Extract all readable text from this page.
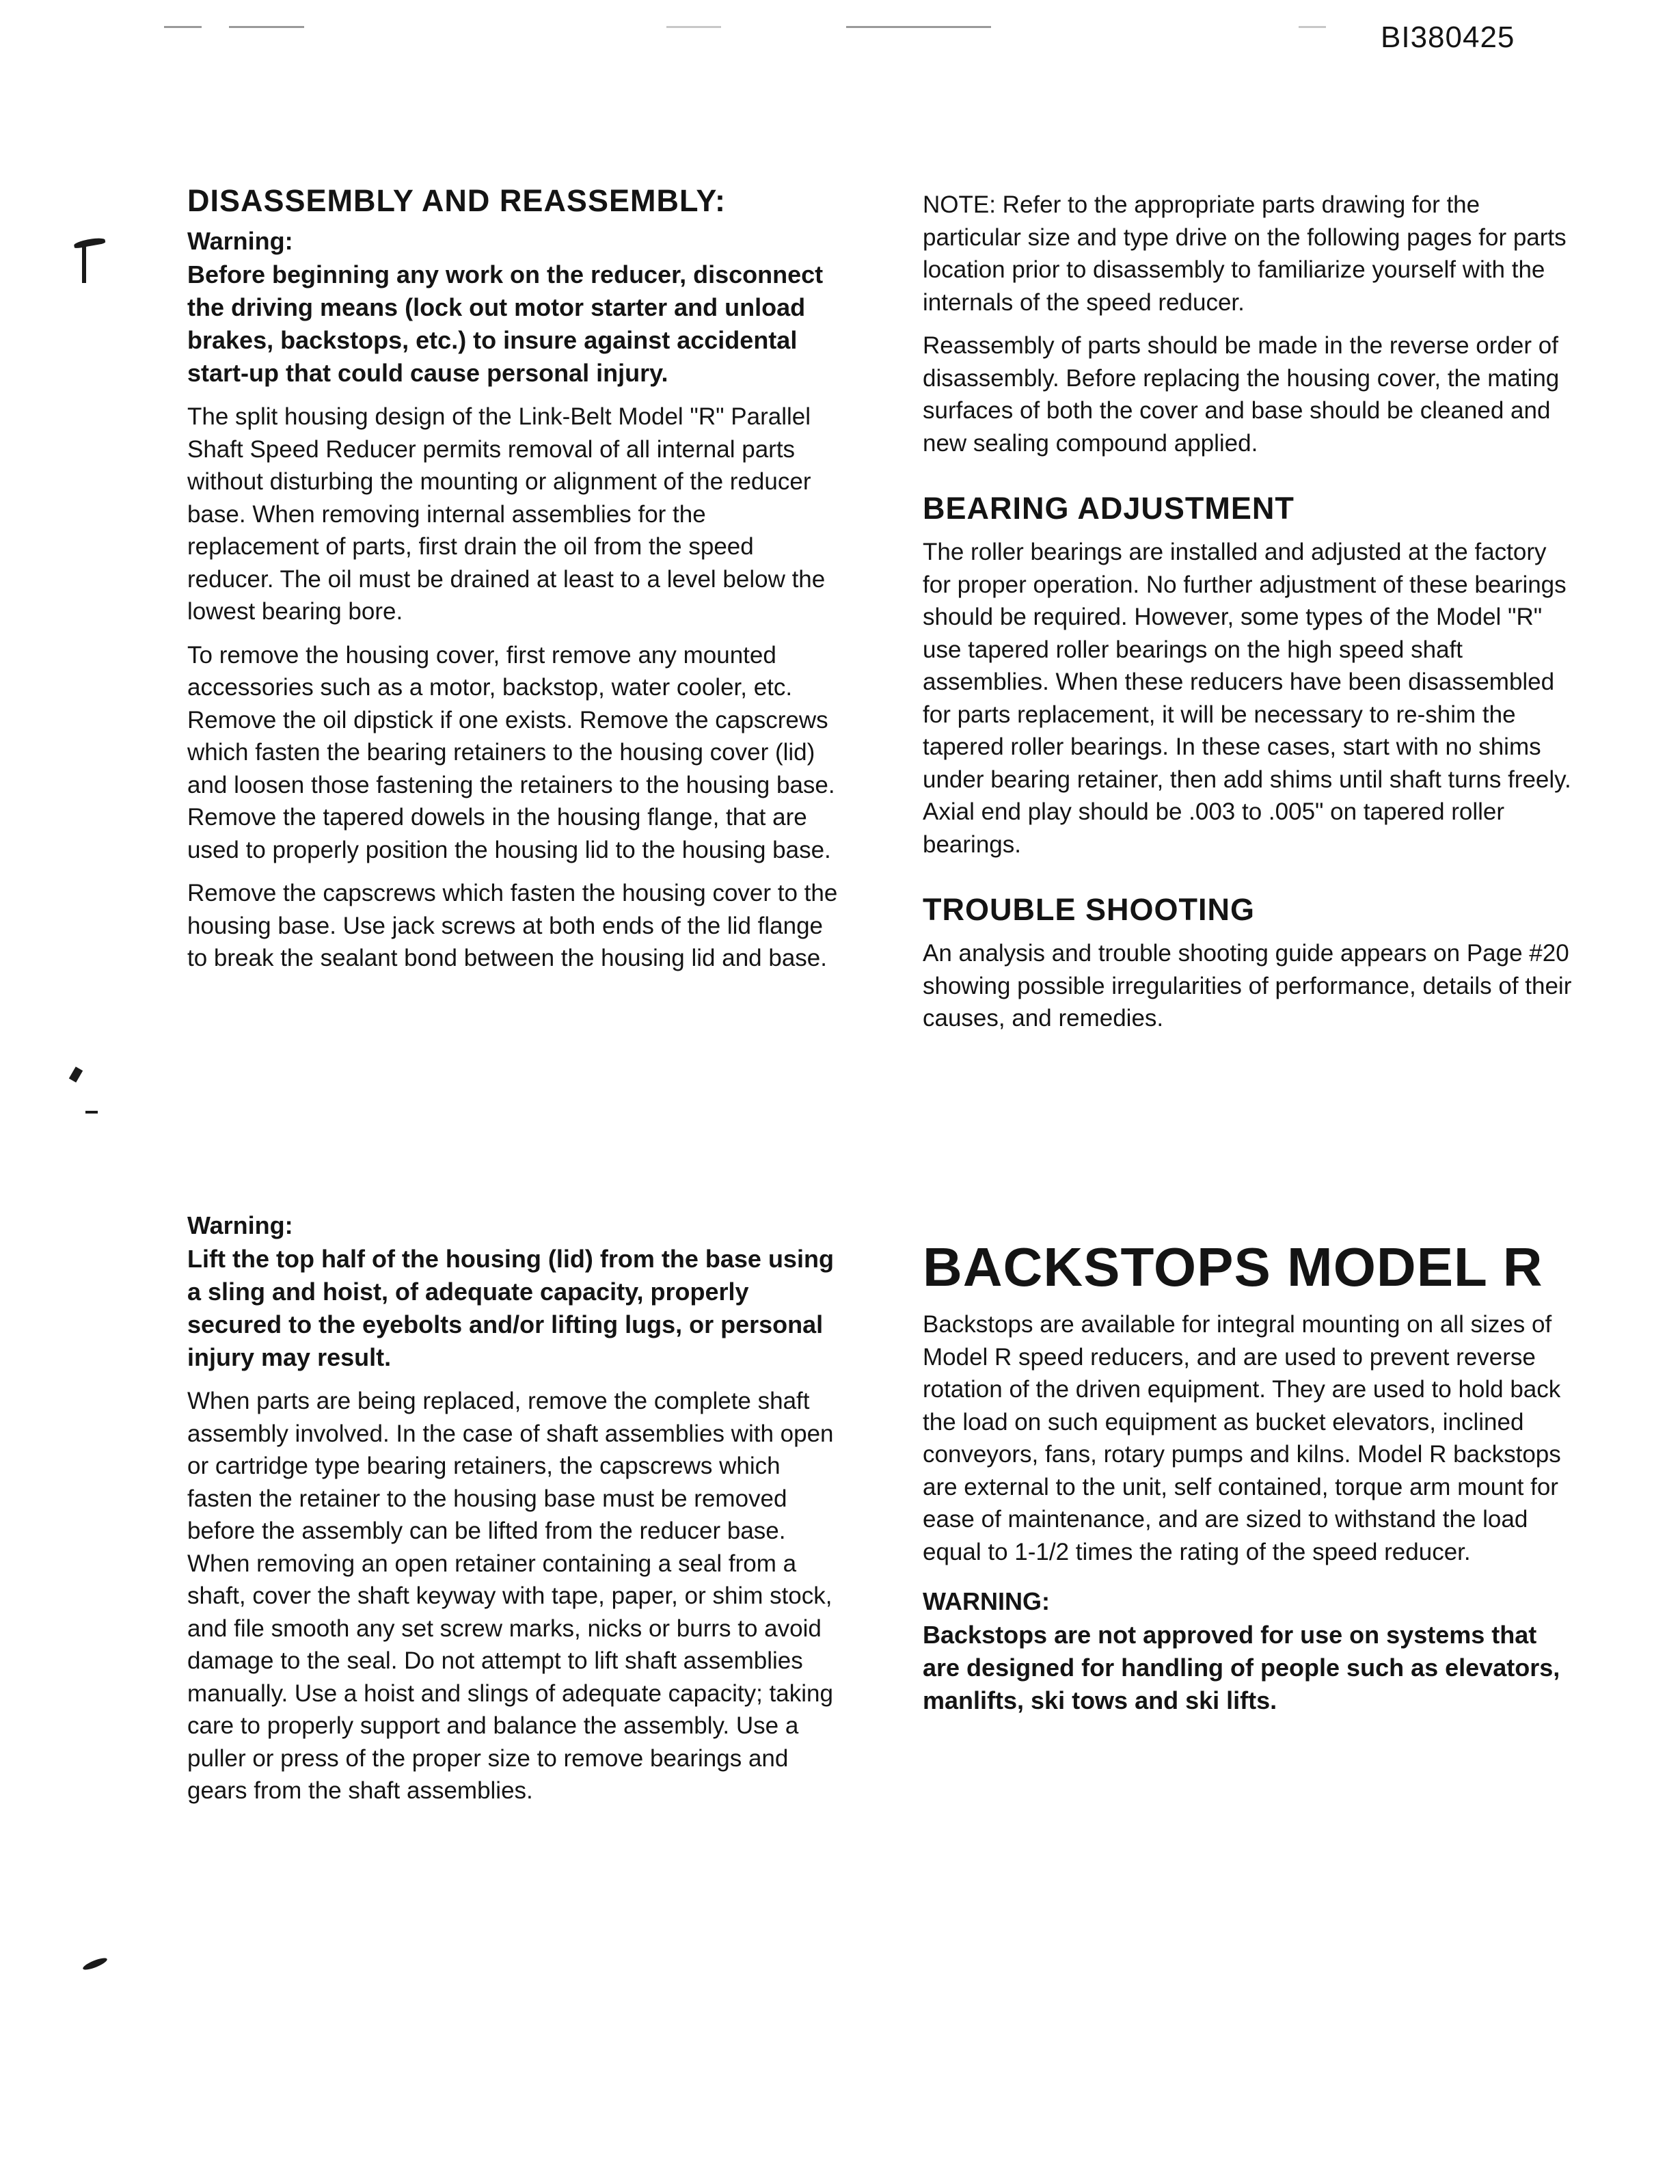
BI380425
DISASSEMBLY AND REASSEMBLY:

Warning:

Before beginning any work on the reducer, disconnect the driving means (lock out motor starter and unload brakes, backstops, etc.) to insure against accidental start-up that could cause personal injury.

The split housing design of the Link-Belt Model "R" Parallel Shaft Speed Reducer permits removal of all internal parts without disturbing the mounting or alignment of the reducer base. When removing internal assemblies for the replacement of parts, first drain the oil from the speed reducer. The oil must be drained at least to a level below the lowest bearing bore.

To remove the housing cover, first remove any mounted accessories such as a motor, backstop, water cooler, etc. Remove the oil dipstick if one exists. Remove the capscrews which fasten the bearing retainers to the housing cover (lid) and loosen those fastening the retainers to the housing base. Remove the tapered dowels in the housing flange, that are used to properly position the housing lid to the housing base.

Remove the capscrews which fasten the housing cover to the housing base. Use jack screws at both ends of the lid flange to break the sealant bond between the housing lid and base.

Warning:

Lift the top half of the housing (lid) from the base using a sling and hoist, of adequate capacity, properly secured to the eyebolts and/or lifting lugs, or personal injury may result.

When parts are being replaced, remove the complete shaft assembly involved. In the case of shaft assemblies with open or cartridge type bearing retainers, the capscrews which fasten the retainer to the housing base must be removed before the assembly can be lifted from the reducer base. When removing an open retainer containing a seal from a shaft, cover the shaft keyway with tape, paper, or shim stock, and file smooth any set screw marks, nicks or burrs to avoid damage to the seal. Do not attempt to lift shaft assemblies manually. Use a hoist and slings of adequate capacity; taking care to properly support and balance the assembly. Use a puller or press of the proper size to remove bearings and gears from the shaft assemblies.

NOTE: Refer to the appropriate parts drawing for the particular size and type drive on the following pages for parts location prior to disassembly to familiarize yourself with the internals of the speed reducer.

Reassembly of parts should be made in the reverse order of disassembly. Before replacing the housing cover, the mating surfaces of both the cover and base should be cleaned and new sealing compound applied.

BEARING ADJUSTMENT

The roller bearings are installed and adjusted at the factory for proper operation. No further adjustment of these bearings should be required. However, some types of the Model "R" use tapered roller bearings on the high speed shaft assemblies. When these reducers have been disassembled for parts replacement, it will be necessary to re-shim the tapered roller bearings. In these cases, start with no shims under bearing retainer, then add shims until shaft turns freely. Axial end play should be .003 to .005" on tapered roller bearings.

TROUBLE SHOOTING

An analysis and trouble shooting guide appears on Page #20 showing possible irregularities of performance, details of their causes, and remedies.

BACKSTOPS MODEL R

Backstops are available for integral mounting on all sizes of Model R speed reducers, and are used to prevent reverse rotation of the driven equipment. They are used to hold back the load on such equipment as bucket elevators, inclined conveyors, fans, rotary pumps and kilns. Model R backstops are external to the unit, self contained, torque arm mount for ease of maintenance, and are sized to withstand the load equal to 1-1/2 times the rating of the speed reducer.

WARNING:

Backstops are not approved for use on systems that are designed for handling of people such as elevators, manlifts, ski tows and ski lifts.
